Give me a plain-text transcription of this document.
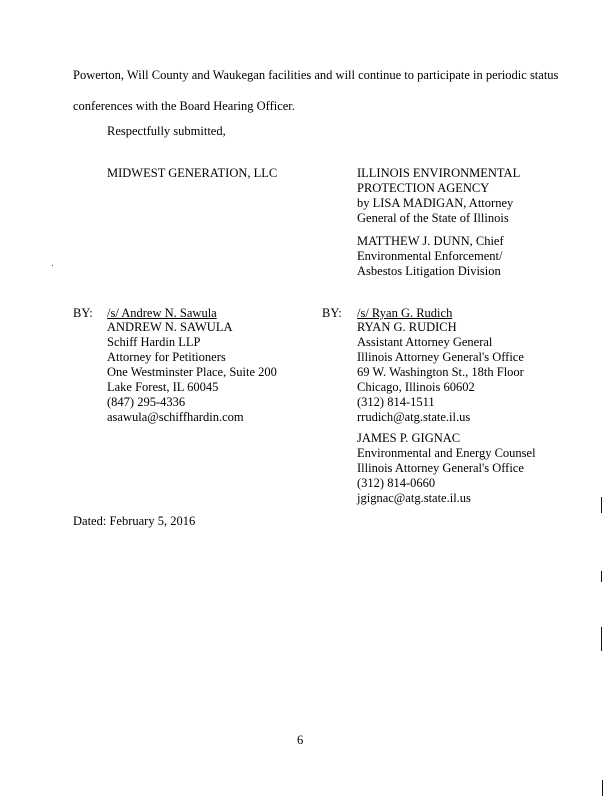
Powerton, Will County and Waukegan facilities and will continue to participate in periodic status
conferences with the Board Hearing Officer.
Respectfully submitted,
MIDWEST GENERATION, LLC	ILLINOIS ENVIRONMENTAL
PROTECTION AGENCY
by LISA MADIGAN, Attorney
General of the State of Illinois
MATTHEW J. DUNN, Chief
Environmental Enforcement/
Asbestos Litigation Division
BY: /s/ Andrew N. Sawula
ANDREW N. SAWULA
Schiff Hardin LLP
Attorney for Petitioners
One Westminster Place, Suite 200
Lake Forest, IL 60045
(847) 295-4336
asawula@schiffhardin.com
BY: /s/ Ryan G. Rudich
RYAN G. RUDICH
Assistant Attorney General
Illinois Attorney General's Office
69 W. Washington St., 18th Floor
Chicago, Illinois 60602
(312) 814-1511
rrudich@atg.state.il.us
JAMES P. GIGNAC
Environmental and Energy Counsel
Illinois Attorney General's Office
(312) 814-0660
jgignac@atg.state.il.us
Dated: February 5, 2016
6
